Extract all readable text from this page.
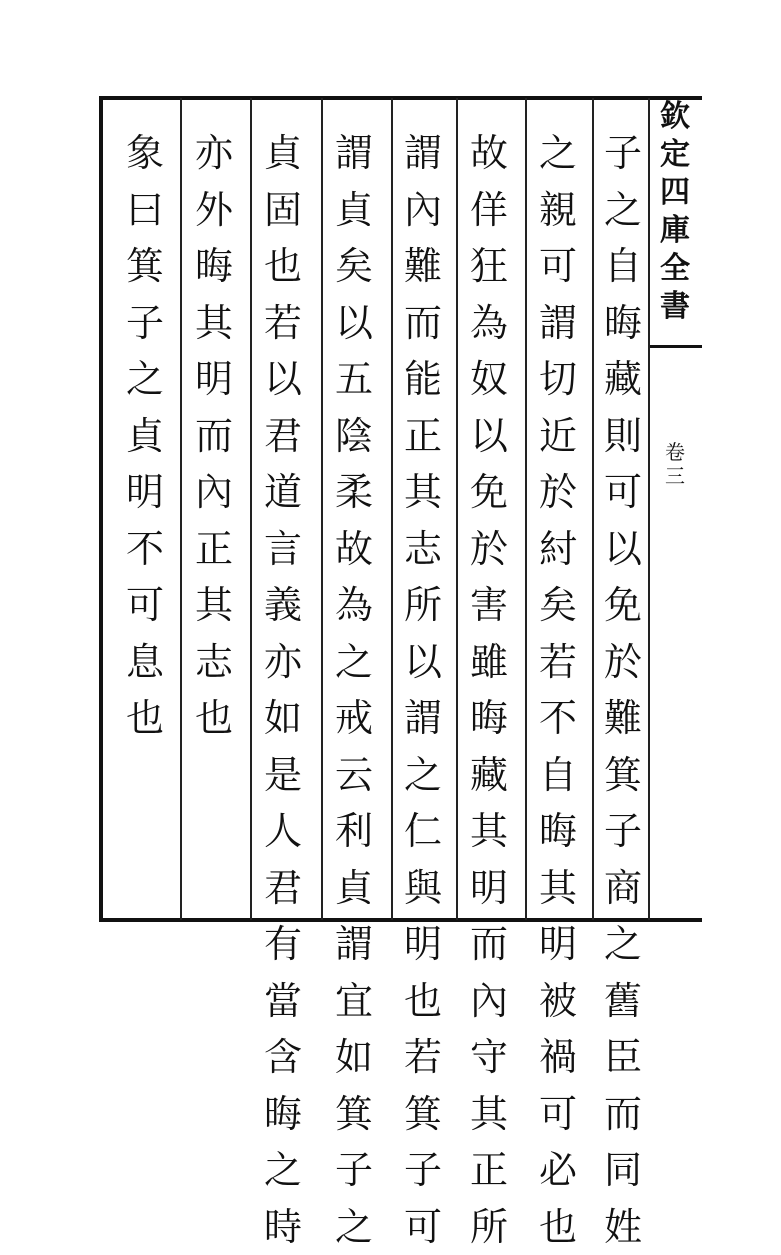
欽定四庫全書
卷三

子之自晦藏則可以免於難箕子商之舊臣而同姓

之親可謂切近於紂矣若不自晦其明被禍可必也

故佯狂為奴以免於害雖晦藏其明而內守其正所

謂內難而能正其志所以謂之仁與明也若箕子可

謂貞矣以五陰柔故為之戒云利貞謂宜如箕子之

貞固也若以君道言義亦如是人君有當含晦之時

亦外晦其明而內正其志也

象曰箕子之貞明不可息也
